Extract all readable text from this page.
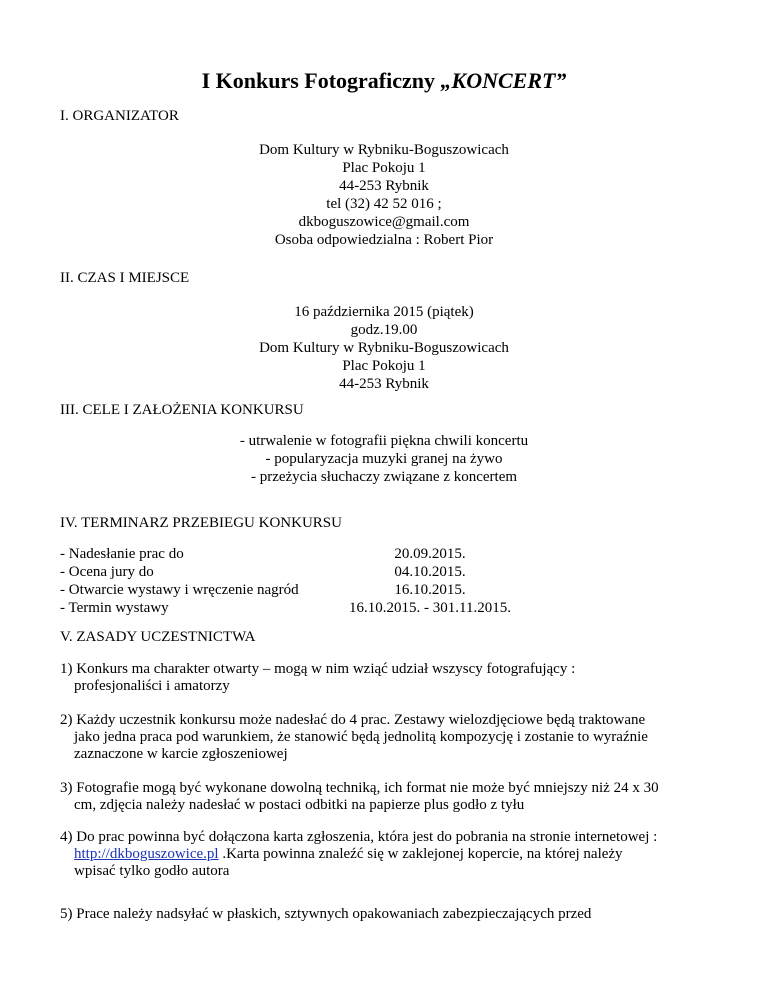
I Konkurs Fotograficzny „KONCERT”
I. ORGANIZATOR
Dom Kultury w Rybniku-Boguszowicach
Plac Pokoju 1
44-253 Rybnik
tel (32) 42 52 016 ;
dkboguszowice@gmail.com
Osoba odpowiedzialna : Robert Pior
II. CZAS I MIEJSCE
16 października 2015 (piątek)
godz.19.00
Dom Kultury w Rybniku-Boguszowicach
Plac Pokoju 1
44-253 Rybnik
III. CELE I ZAŁOŻENIA KONKURSU
- utrwalenie w fotografii piękna chwili koncertu
- popularyzacja muzyki granej na żywo
- przeżycia słuchaczy związane z koncertem
IV. TERMINARZ PRZEBIEGU KONKURSU
- Nadesłanie prac do	20.09.2015.
- Ocena jury do	04.10.2015.
- Otwarcie wystawy i wręczenie nagród	16.10.2015.
- Termin wystawy	16.10.2015. - 301.11.2015.
V. ZASADY UCZESTNICTWA
1) Konkurs ma charakter otwarty – mogą w nim wziąć udział wszyscy fotografujący :
profesjonaliści i amatorzy
2) Każdy uczestnik konkursu może nadesłać do 4 prac. Zestawy wielozdjęciowe będą traktowane
jako jedna praca pod warunkiem, że stanowić będą jednolitą kompozycję i zostanie to wyraźnie
zaznaczone w karcie zgłoszeniowej
3) Fotografie mogą być wykonane dowolną techniką, ich format nie może być mniejszy niż 24 x 30
cm, zdjęcia należy nadesłać w postaci odbitki na papierze plus godło z tyłu
4) Do prac powinna być dołączona karta zgłoszenia, która jest do pobrania na stronie internetowej :
http://dkboguszowice.pl .Karta powinna znaleźć się w zaklejonej kopercie, na której należy
wpisać tylko godło autora
5) Prace należy nadsyłać w płaskich, sztywnych opakowaniach zabezpieczających przed
